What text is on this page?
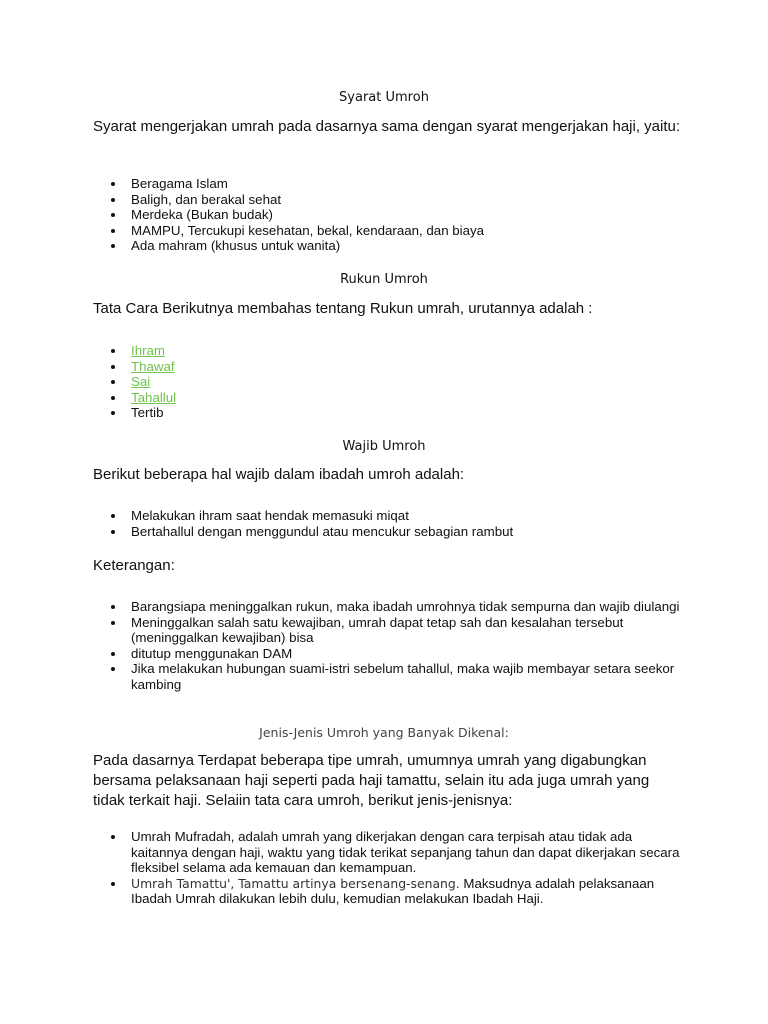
Syarat Umroh
Syarat mengerjakan umrah pada dasarnya sama dengan syarat mengerjakan haji, yaitu:
Beragama Islam
Baligh, dan berakal sehat
Merdeka (Bukan budak)
MAMPU, Tercukupi kesehatan, bekal, kendaraan, dan biaya
Ada mahram (khusus untuk wanita)
Rukun Umroh
Tata Cara Berikutnya membahas tentang Rukun umrah, urutannya adalah :
Ihram
Thawaf
Sai
Tahallul
Tertib
Wajib Umroh
Berikut beberapa hal wajib dalam ibadah umroh adalah:
Melakukan ihram saat hendak memasuki miqat
Bertahallul dengan menggundul atau mencukur sebagian rambut
Keterangan:
Barangsiapa meninggalkan rukun, maka ibadah umrohnya tidak sempurna dan wajib diulangi
Meninggalkan salah satu kewajiban, umrah dapat tetap sah dan kesalahan tersebut (meninggalkan kewajiban) bisa
ditutup menggunakan DAM
Jika melakukan hubungan suami-istri sebelum tahallul, maka wajib membayar setara seekor kambing
Jenis-Jenis Umroh yang Banyak Dikenal:
Pada dasarnya Terdapat beberapa tipe umrah, umumnya umrah yang digabungkan bersama pelaksanaan haji seperti pada haji tamattu, selain itu ada juga umrah yang tidak terkait haji. Selaiin tata cara umroh, berikut jenis-jenisnya:
Umrah Mufradah, adalah umrah yang dikerjakan dengan cara terpisah atau tidak ada kaitannya dengan haji, waktu yang tidak terikat sepanjang tahun dan dapat dikerjakan secara fleksibel selama ada kemauan dan kemampuan.
Umrah Tamattu', Tamattu artinya bersenang-senang. Maksudnya adalah pelaksanaan Ibadah Umrah dilakukan lebih dulu, kemudian melakukan Ibadah Haji.
